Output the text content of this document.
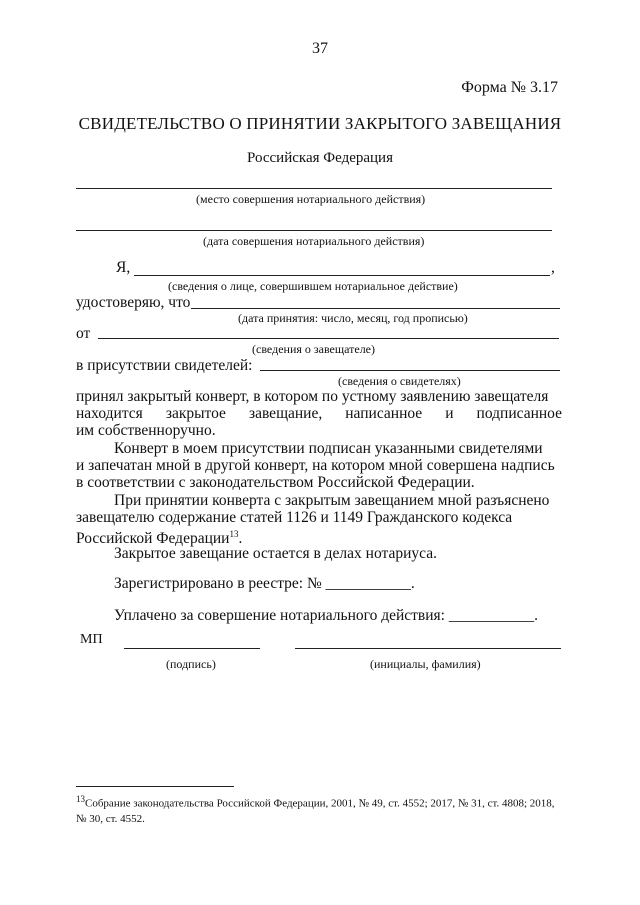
37
Форма № 3.17
СВИДЕТЕЛЬСТВО О ПРИНЯТИИ ЗАКРЫТОГО ЗАВЕЩАНИЯ
Российская Федерация
(место совершения нотариального действия)
(дата совершения нотариального действия)
Я,	,
(сведения о лице, совершившем нотариальное действие)
удостоверяю, что
(дата принятия: число, месяц, год прописью)
от
(сведения о завещателе)
в присутствии свидетелей:
(сведения о свидетелях)
принял закрытый конверт, в котором по устному заявлению завещателя
находится закрытое завещание, написанное и подписанное
им собственноручно.
Конверт в моем присутствии подписан указанными свидетелями
и запечатан мной в другой конверт, на котором мной совершена надпись
в соответствии с законодательством Российской Федерации.
При принятии конверта с закрытым завещанием мной разъяснено
завещателю содержание статей 1126 и 1149 Гражданского кодекса
Российской Федерации$^{13}$.
Закрытое завещание остается в делах нотариуса.
Зарегистрировано в реестре: № ___________.
Уплачено за совершение нотариального действия: ___________.
МП
(подпись)	(инициалы, фамилия)
$^{13}$Собрание законодательства Российской Федерации, 2001, № 49, ст. 4552; 2017, № 31, ст. 4808; 2018, № 30, ст. 4552.
